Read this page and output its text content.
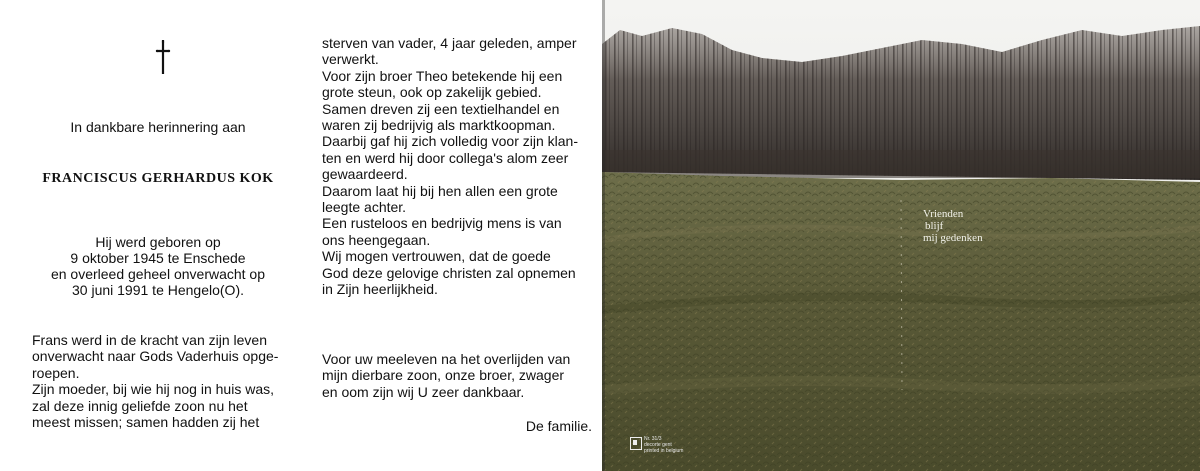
In dankbare herinnering aan
FRANCISCUS GERHARDUS KOK
Hij werd geboren op
9 oktober 1945 te Enschede
en overleed geheel onverwacht op
30 juni 1991 te Hengelo(O).
Frans werd in de kracht van zijn leven
onverwacht naar Gods Vaderhuis opge-
roepen.
Zijn moeder, bij wie hij nog in huis was,
zal deze innig geliefde zoon nu het
meest missen; samen hadden zij het
sterven van vader, 4 jaar geleden, amper
verwerkt.
Voor zijn broer Theo betekende hij een
grote steun, ook op zakelijk gebied.
Samen dreven zij een textielhandel en
waren zij bedrijvig als marktkoopman.
Daarbij gaf hij zich volledig voor zijn klan-
ten en werd hij door collega's alom zeer
gewaardeerd.
Daarom laat hij bij hen allen een grote
leegte achter.
Een rusteloos en bedrijvig mens is van
ons heengegaan.
Wij mogen vertrouwen, dat de goede
God deze gelovige christen zal opnemen
in Zijn heerlijkheid.
Voor uw meeleven na het overlijden van
mijn dierbare zoon, onze broer, zwager
en oom zijn wij U zeer dankbaar.
De familie.
Vrienden
blijf
mij gedenken
Nr. 31/3
decorte gent
printed in belgium
